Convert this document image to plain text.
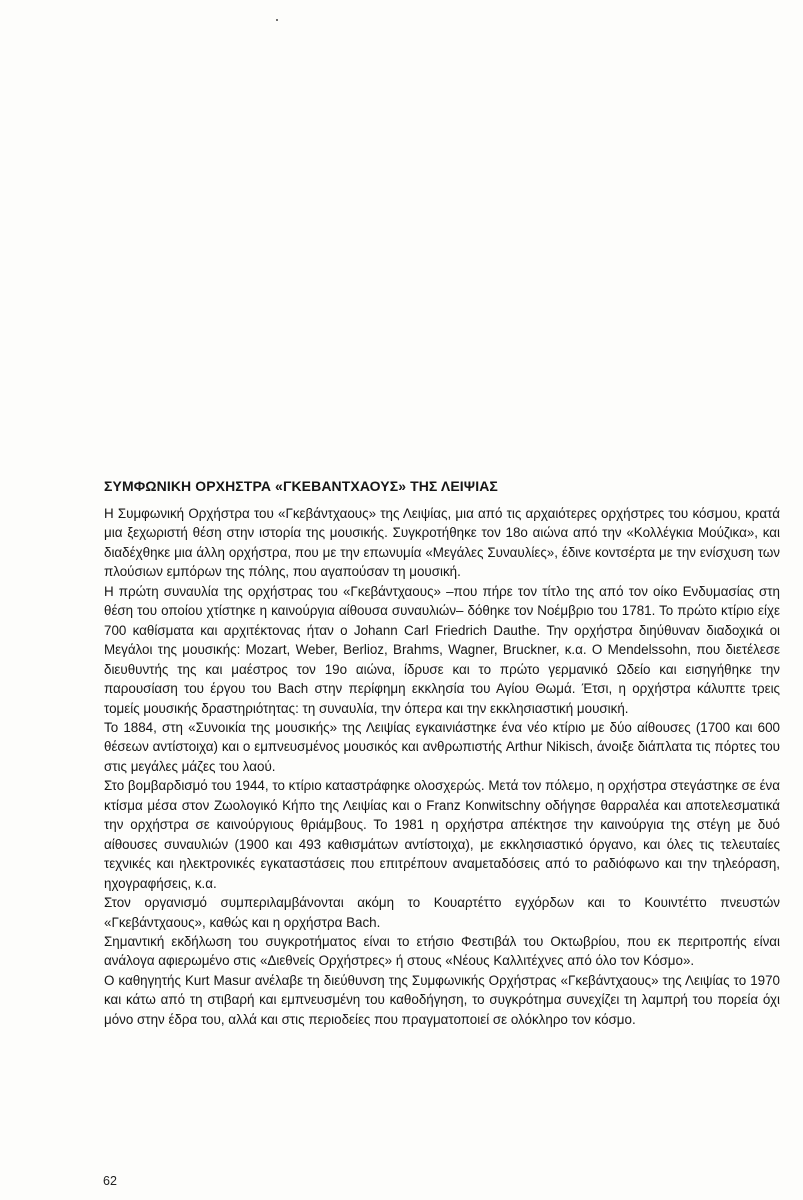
ΣΥΜΦΩΝΙΚΗ ΟΡΧΗΣΤΡΑ «ΓΚΕΒΑΝΤΧΑΟΥΣ» ΤΗΣ ΛΕΙΨΙΑΣ

Η Συμφωνική Ορχήστρα του «Γκεβάντχαους» της Λειψίας, μια από τις αρχαιότερες ορχήστρες του κόσμου, κρατά μια ξεχωριστή θέση στην ιστορία της μουσικής. Συγκροτήθηκε τον 18ο αιώνα από την «Κολλέγκια Μούζικα», και διαδέχθηκε μια άλλη ορχήστρα, που με την επωνυμία «Μεγάλες Συναυλίες», έδινε κοντσέρτα με την ενίσχυση των πλούσιων εμπόρων της πόλης, που αγαπούσαν τη μουσική.

Η πρώτη συναυλία της ορχήστρας του «Γκεβάντχαους» –που πήρε τον τίτλο της από τον οίκο Ενδυμασίας στη θέση του οποίου χτίστηκε η καινούργια αίθουσα συναυλιών– δόθηκε τον Νοέμβριο του 1781. Το πρώτο κτίριο είχε 700 καθίσματα και αρχιτέκτονας ήταν ο Johann Carl Friedrich Dauthe. Την ορχήστρα διηύθυναν διαδοχικά οι Μεγάλοι της μουσικής: Mozart, Weber, Berlioz, Brahms, Wagner, Bruckner, κ.α. Ο Mendelssohn, που διετέλεσε διευθυντής της και μαέστρος τον 19ο αιώνα, ίδρυσε και το πρώτο γερμανικό Ωδείο και εισηγήθηκε την παρουσίαση του έργου του Bach στην περίφημη εκκλησία του Αγίου Θωμά. Έτσι, η ορχήστρα κάλυπτε τρεις τομείς μουσικής δραστηριότητας: τη συναυλία, την όπερα και την εκκλησιαστική μουσική.

Το 1884, στη «Συνοικία της μουσικής» της Λειψίας εγκαινιάστηκε ένα νέο κτίριο με δύο αίθουσες (1700 και 600 θέσεων αντίστοιχα) και ο εμπνευσμένος μουσικός και ανθρωπιστής Arthur Nikisch, άνοιξε διάπλατα τις πόρτες του στις μεγάλες μάζες του λαού.

Στο βομβαρδισμό του 1944, το κτίριο καταστράφηκε ολοσχερώς. Μετά τον πόλεμο, η ορχήστρα στεγάστηκε σε ένα κτίσμα μέσα στον Ζωολογικό Κήπο της Λειψίας και ο Franz Konwitschny οδήγησε θαρραλέα και αποτελεσματικά την ορχήστρα σε καινούργιους θριάμβους. Το 1981 η ορχήστρα απέκτησε την καινούργια της στέγη με δυό αίθουσες συναυλιών (1900 και 493 καθισμάτων αντίστοιχα), με εκκλησιαστικό όργανο, και όλες τις τελευταίες τεχνικές και ηλεκτρονικές εγκαταστάσεις που επιτρέπουν αναμεταδόσεις από το ραδιόφωνο και την τηλεόραση, ηχογραφήσεις, κ.α.

Στον οργανισμό συμπεριλαμβάνονται ακόμη το Κουαρτέττο εγχόρδων και το Κουιντέττο πνευστών «Γκεβάντχαους», καθώς και η ορχήστρα Bach.

Σημαντική εκδήλωση του συγκροτήματος είναι το ετήσιο Φεστιβάλ του Οκτωβρίου, που εκ περιτροπής είναι ανάλογα αφιερωμένο στις «Διεθνείς Ορχήστρες» ή στους «Νέους Καλλιτέχνες από όλο τον Κόσμο».

Ο καθηγητής Kurt Masur ανέλαβε τη διεύθυνση της Συμφωνικής Ορχήστρας «Γκεβάντχαους» της Λειψίας το 1970 και κάτω από τη στιβαρή και εμπνευσμένη του καθοδήγηση, το συγκρότημα συνεχίζει τη λαμπρή του πορεία όχι μόνο στην έδρα του, αλλά και στις περιοδείες που πραγματοποιεί σε ολόκληρο τον κόσμο.

62
